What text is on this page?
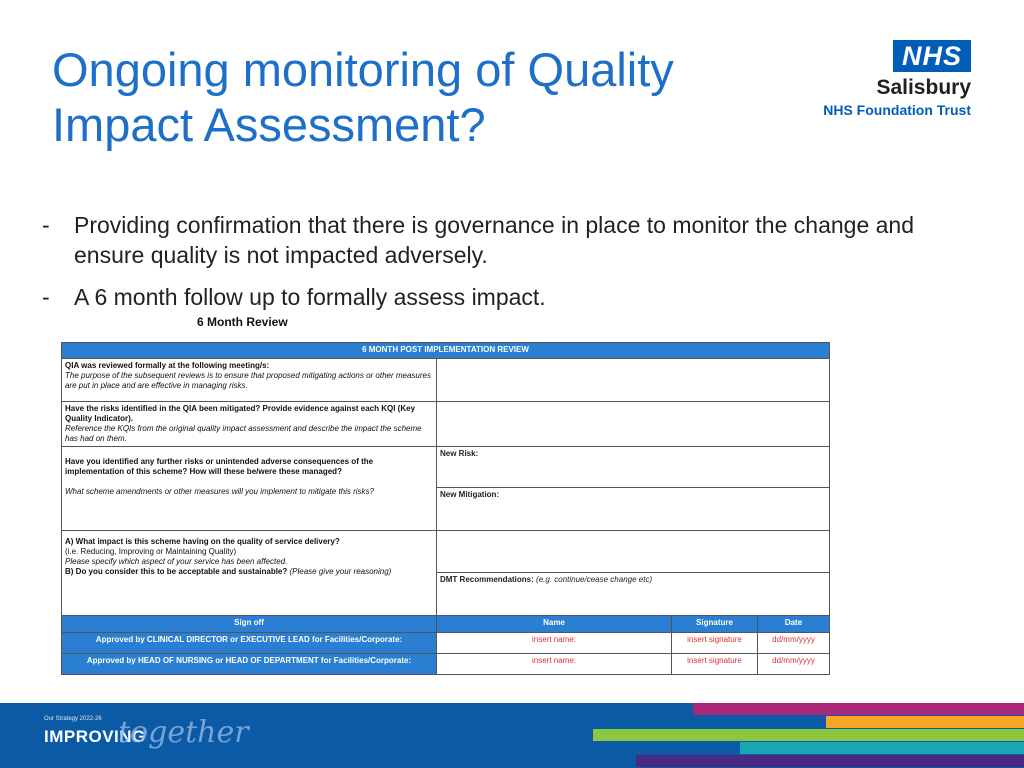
Ongoing monitoring of Quality
Impact Assessment?
NHS
Salisbury
NHS Foundation Trust
- Providing confirmation that there is governance in place to monitor the change and ensure quality is not impacted adversely.
- A 6 month follow up to formally assess impact.
6 Month Review
6 MONTH POST IMPLEMENTATION REVIEW			
QIA was reviewed formally at the following meeting/s:
The purpose of the subsequent reviews is to ensure that proposed mitigating actions or other measures are put in place and are effective in managing risks.			
Have the risks identified in the QIA been mitigated? Provide evidence against each KQI (Key Quality Indicator).
Reference the KQIs from the original quality impact assessment and describe the impact the scheme has had on them.			

Have you identified any further risks or unintended adverse consequences of the implementation of this scheme? How will these be/were these managed?

What scheme amendments or other measures will you implement to mitigate this risks?	New Risk:		
	New Mitigation:		

A) What impact is this scheme having on the quality of service delivery?
(i.e. Reducing, Improving or Maintaining Quality)
Please specify which aspect of your service has been affected.
B) Do you consider this to be acceptable and sustainable? (Please give your reasoning)			
	DMT Recommendations: (e.g. continue/cease change etc)		
Sign off	Name	Signature	Date
Approved by CLINICAL DIRECTOR or EXECUTIVE LEAD for Facilities/Corporate:	insert name:	insert signature	dd/mm/yyyy
Approved by HEAD OF NURSING or HEAD OF DEPARTMENT for Facilities/Corporate:	insert name:	insert signature	dd/mm/yyyy
Our Strategy 2022-26
IMPROVING
together
